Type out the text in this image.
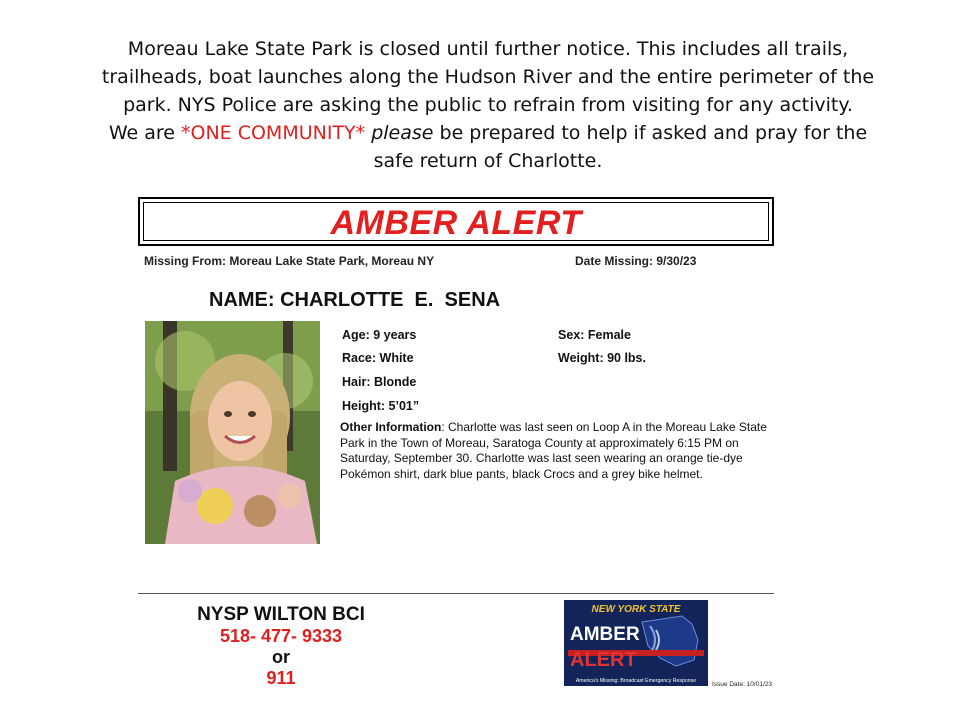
Moreau Lake State Park is closed until further notice. This includes all trails,
trailheads, boat launches along the Hudson River and the entire perimeter of the
park. NYS Police are asking the public to refrain from visiting for any activity.
We are *ONE COMMUNITY* please be prepared to help if asked and pray for the
safe return of Charlotte.
AMBER ALERT
Missing From: Moreau Lake State Park, Moreau NY	Date Missing: 9/30/23
NAME: CHARLOTTE  E.  SENA
Age: 9 years
Race: White
Hair: Blonde
Height: 5’01”
Sex: Female
Weight: 90 lbs.
Other Information: Charlotte was last seen on Loop A in the Moreau Lake State Park in the Town of Moreau, Saratoga County at approximately 6:15 PM on Saturday, September 30. Charlotte was last seen wearing an orange tie-dye Pokémon shirt, dark blue pants, black Crocs and a grey bike helmet.
NYSP WILTON BCI
518- 477- 9333
or
911
NEW YORK STATE
AMBER
ALERT
America's Missing: Broadcast Emergency Response Issue Date: 10/01/23
